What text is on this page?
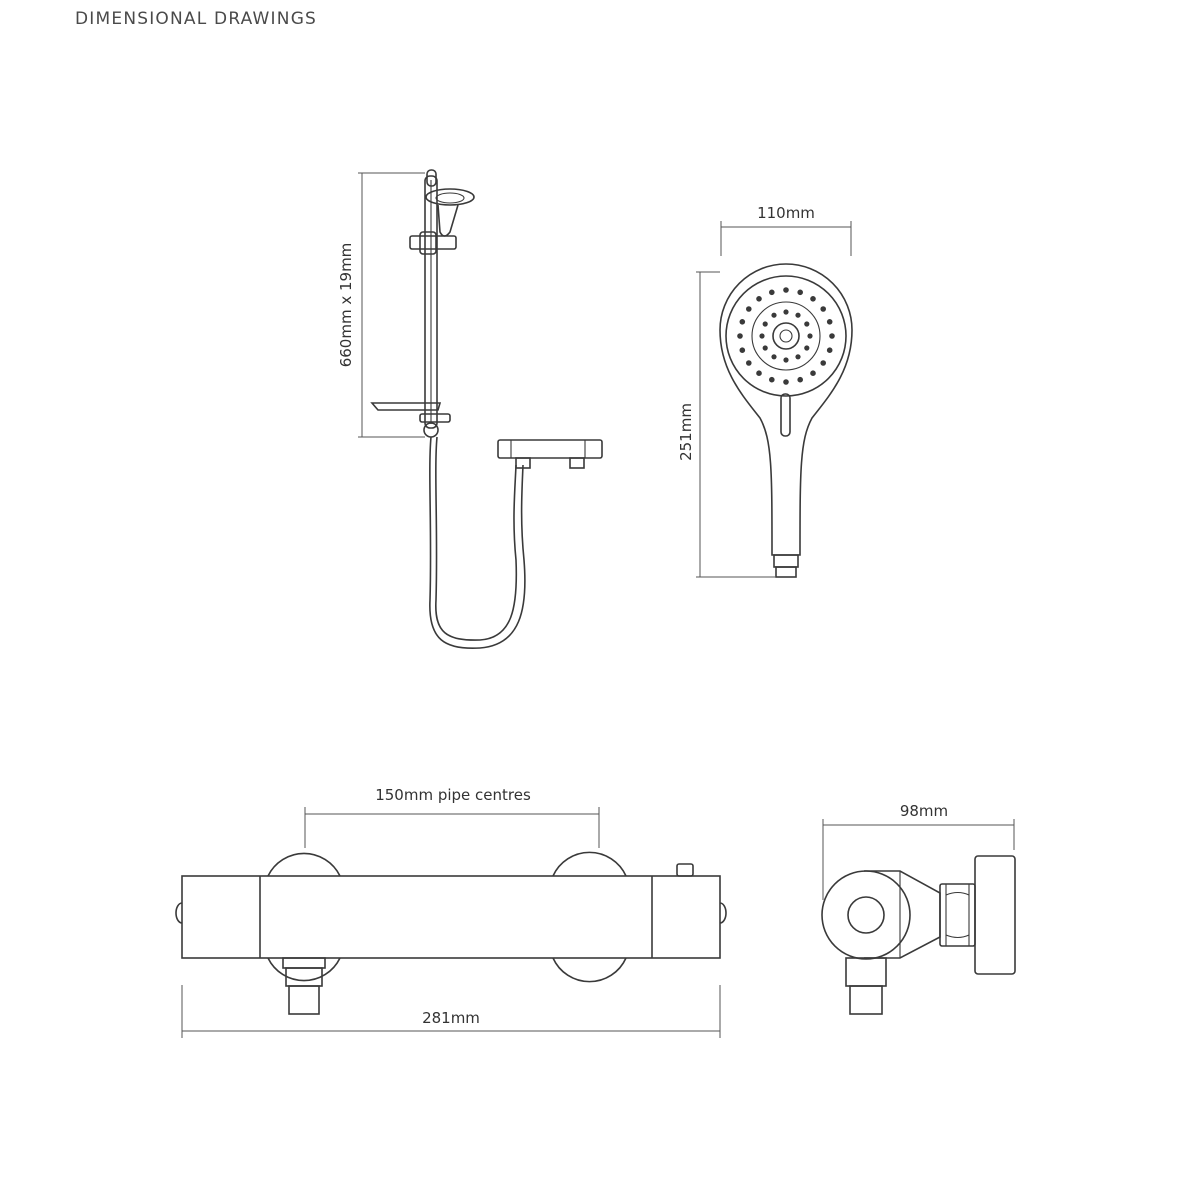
DIMENSIONAL DRAWINGS
660mm x 19mm
110mm
251mm
150mm pipe centres
281mm
98mm
